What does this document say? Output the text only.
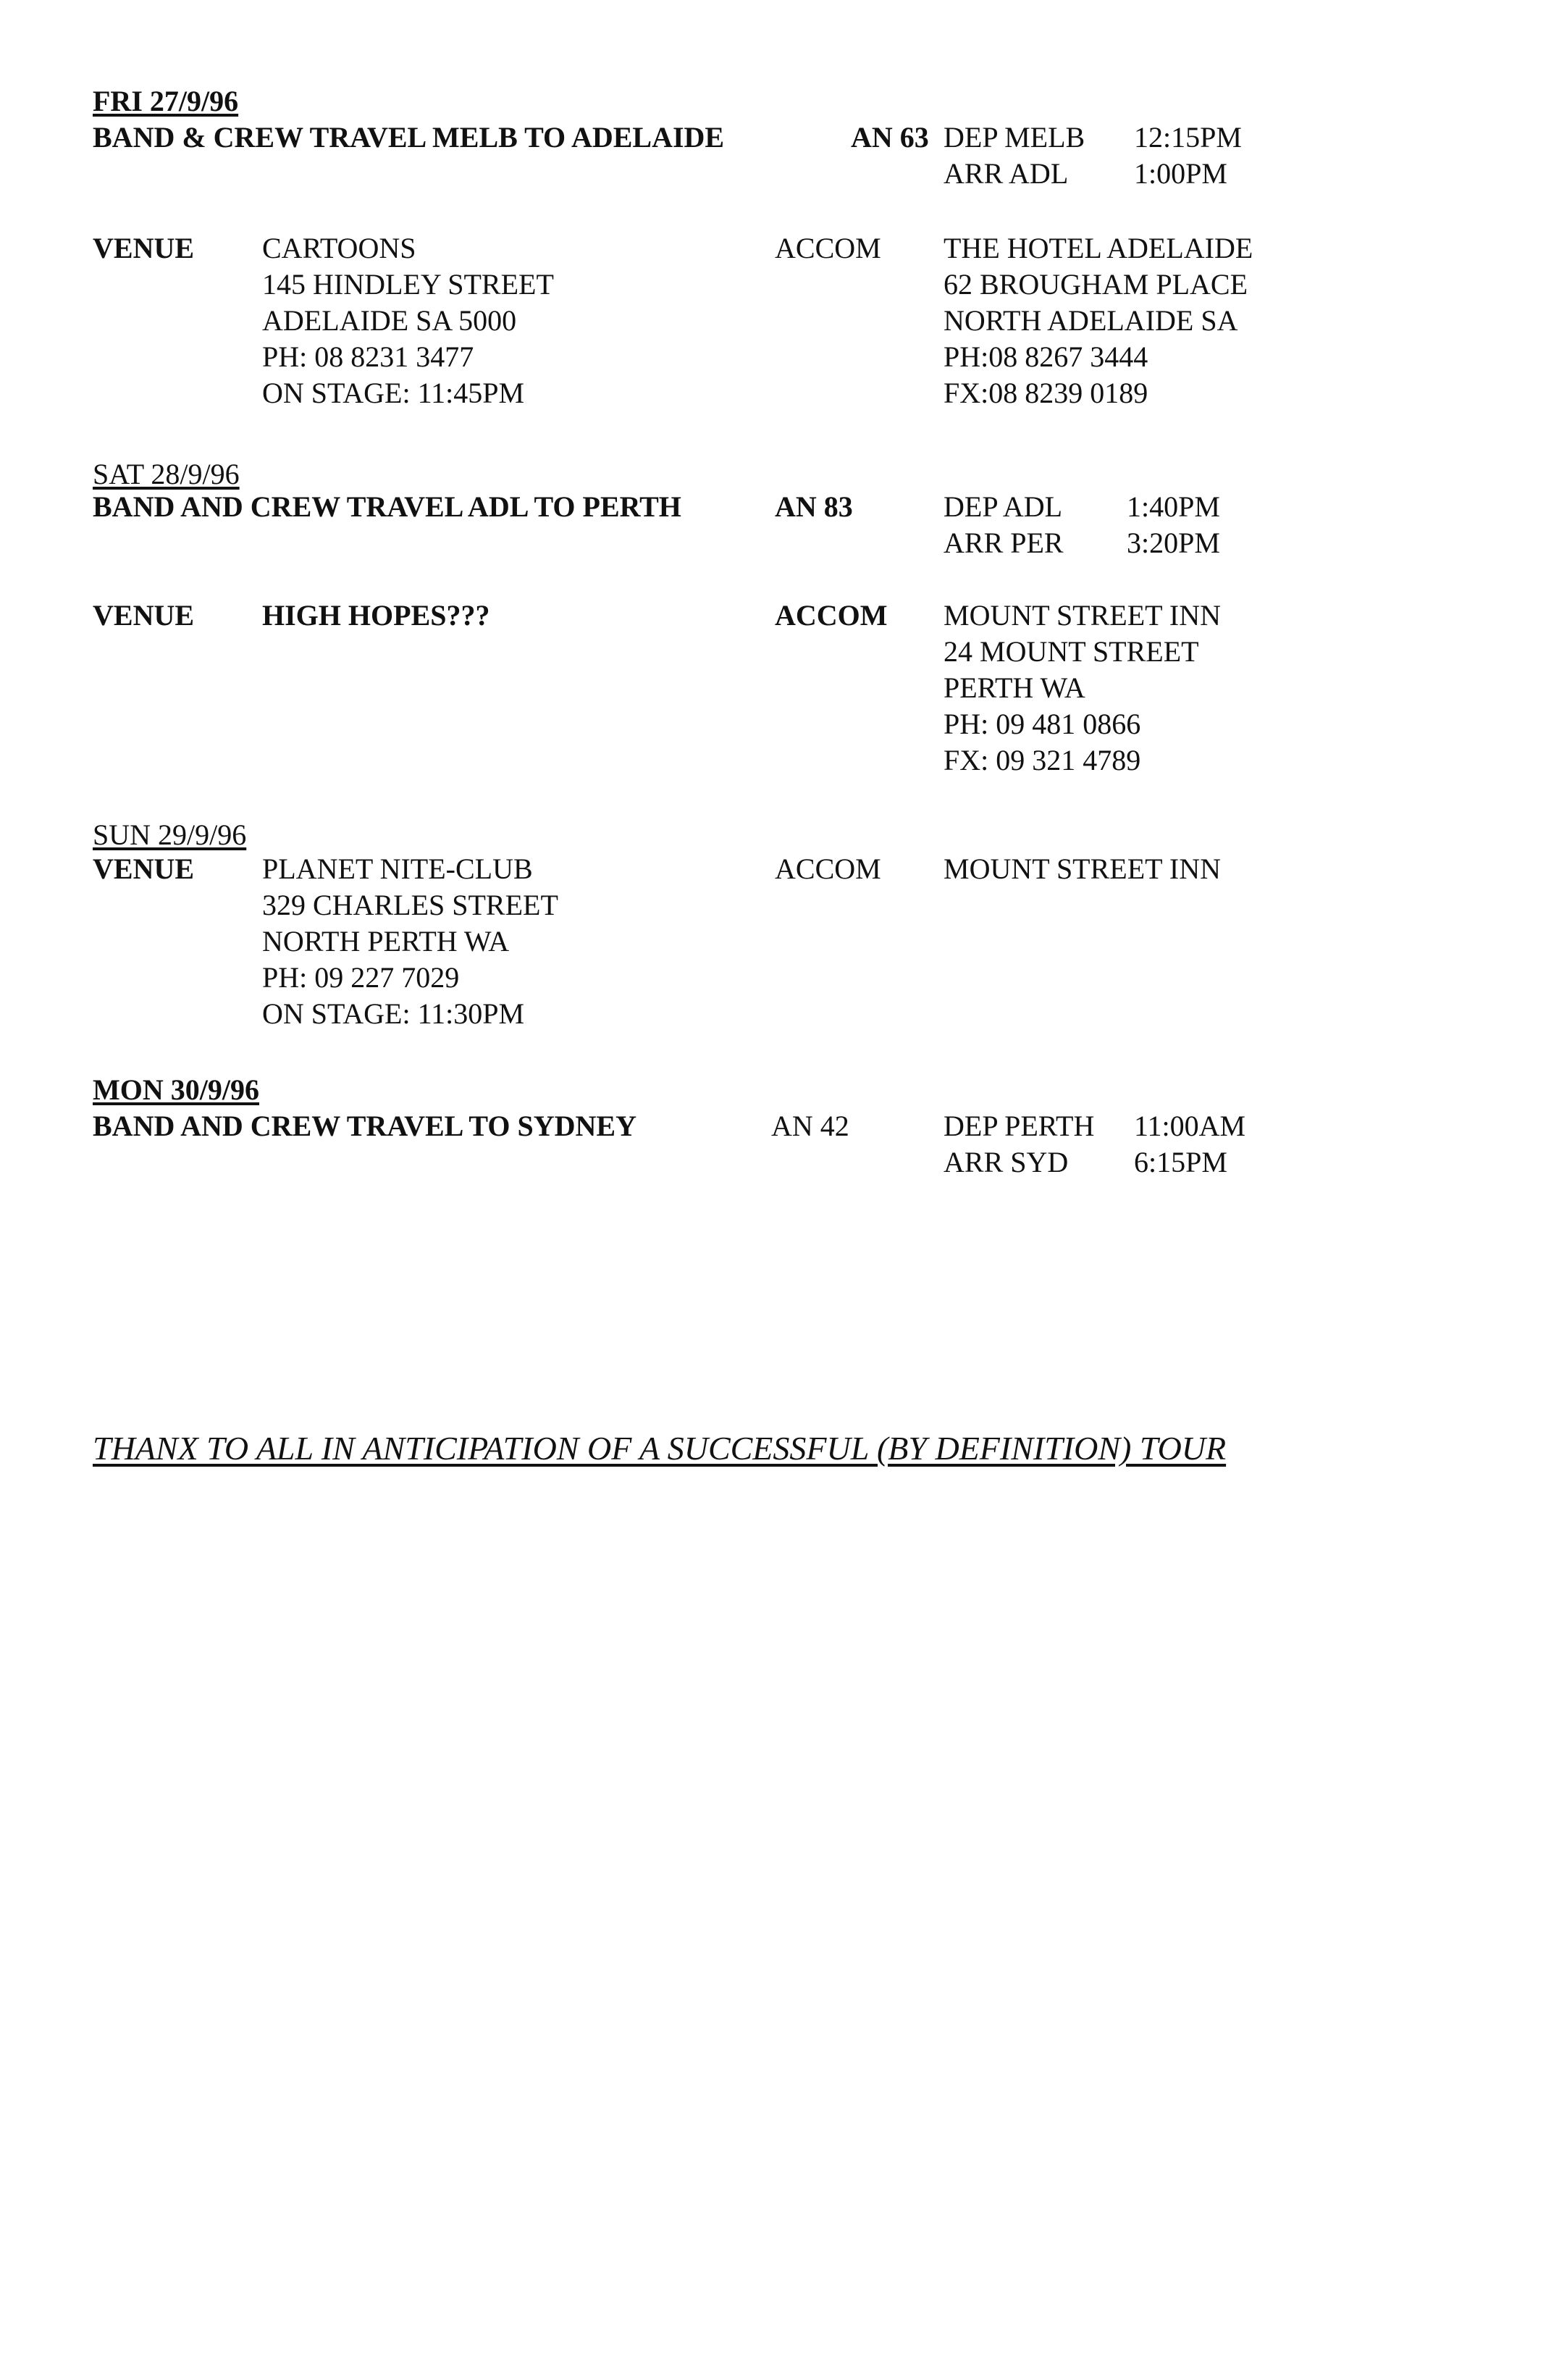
FRI 27/9/96
BAND & CREW TRAVEL MELB TO ADELAIDE	AN 63 DEP MELB 12:15PM
ARR ADL 1:00PM
VENUE CARTOONS
145 HINDLEY STREET
ADELAIDE SA 5000
PH: 08 8231 3477
ON STAGE: 11:45PM
ACCOM THE HOTEL ADELAIDE
62 BROUGHAM PLACE
NORTH ADELAIDE SA
PH:08 8267 3444
FX:08 8239 0189
SAT 28/9/96
BAND AND CREW TRAVEL ADL TO PERTH	AN 83	DEP ADL 1:40PM
ARR PER 3:20PM
VENUE HIGH HOPES???	ACCOM MOUNT STREET INN
24 MOUNT STREET
PERTH WA
PH: 09 481 0866
FX: 09 321 4789
SUN 29/9/96
VENUE PLANET NITE-CLUB
329 CHARLES STREET
NORTH PERTH WA
PH: 09 227 7029
ON STAGE: 11:30PM
ACCOM MOUNT STREET INN
MON 30/9/96
BAND AND CREW TRAVEL TO SYDNEY	AN 42	DEP PERTH 11:00AM
ARR SYD 6:15PM
THANX TO ALL IN ANTICIPATION OF A SUCCESSFUL (BY DEFINITION) TOUR
